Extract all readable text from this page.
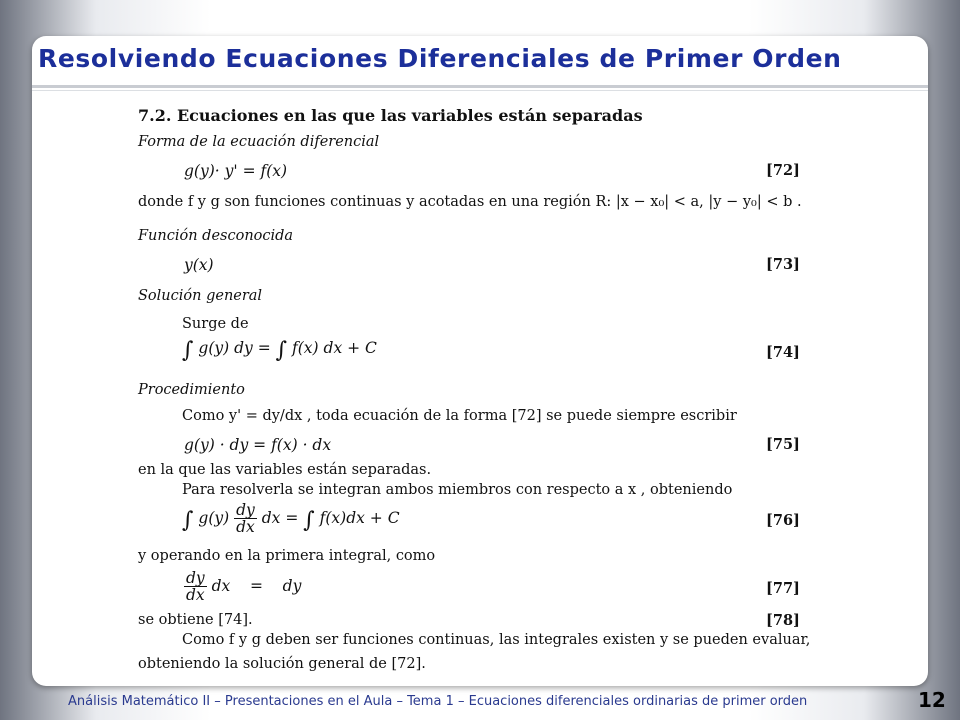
Resolviendo Ecuaciones Diferenciales de Primer Orden
7.2. Ecuaciones en las que las variables están separadas
Forma de la ecuación diferencial
g(y)· y' = f(x)	[72]
donde f y g son funciones continuas y acotadas en una región R: |x − x₀| < a, |y − y₀| < b .
Función desconocida
y(x)	[73]
Solución general
Surge de
∫ g(y) dy = ∫ f(x) dx + C	[74]
Procedimiento
Como y' = dy/dx , toda ecuación de la forma [72] se puede siempre escribir
g(y) · dy = f(x) · dx	[75]
en la que las variables están separadas.
Para resolverla se integran ambos miembros con respecto a x , obteniendo
∫ $g(y) \frac{dy}{dx}$ dx = ∫ f(x)dx + C	[76]
y operando en la primera integral, como
$\frac{dy}{dx}$ dx    =    dy	[77]
se obtiene [74].	[78]
Como f y g deben ser funciones continuas, las integrales existen y se pueden evaluar,
obteniendo la solución general de [72].
Análisis Matemático II – Presentaciones en el Aula – Tema 1 – Ecuaciones diferenciales ordinarias de primer orden	12
